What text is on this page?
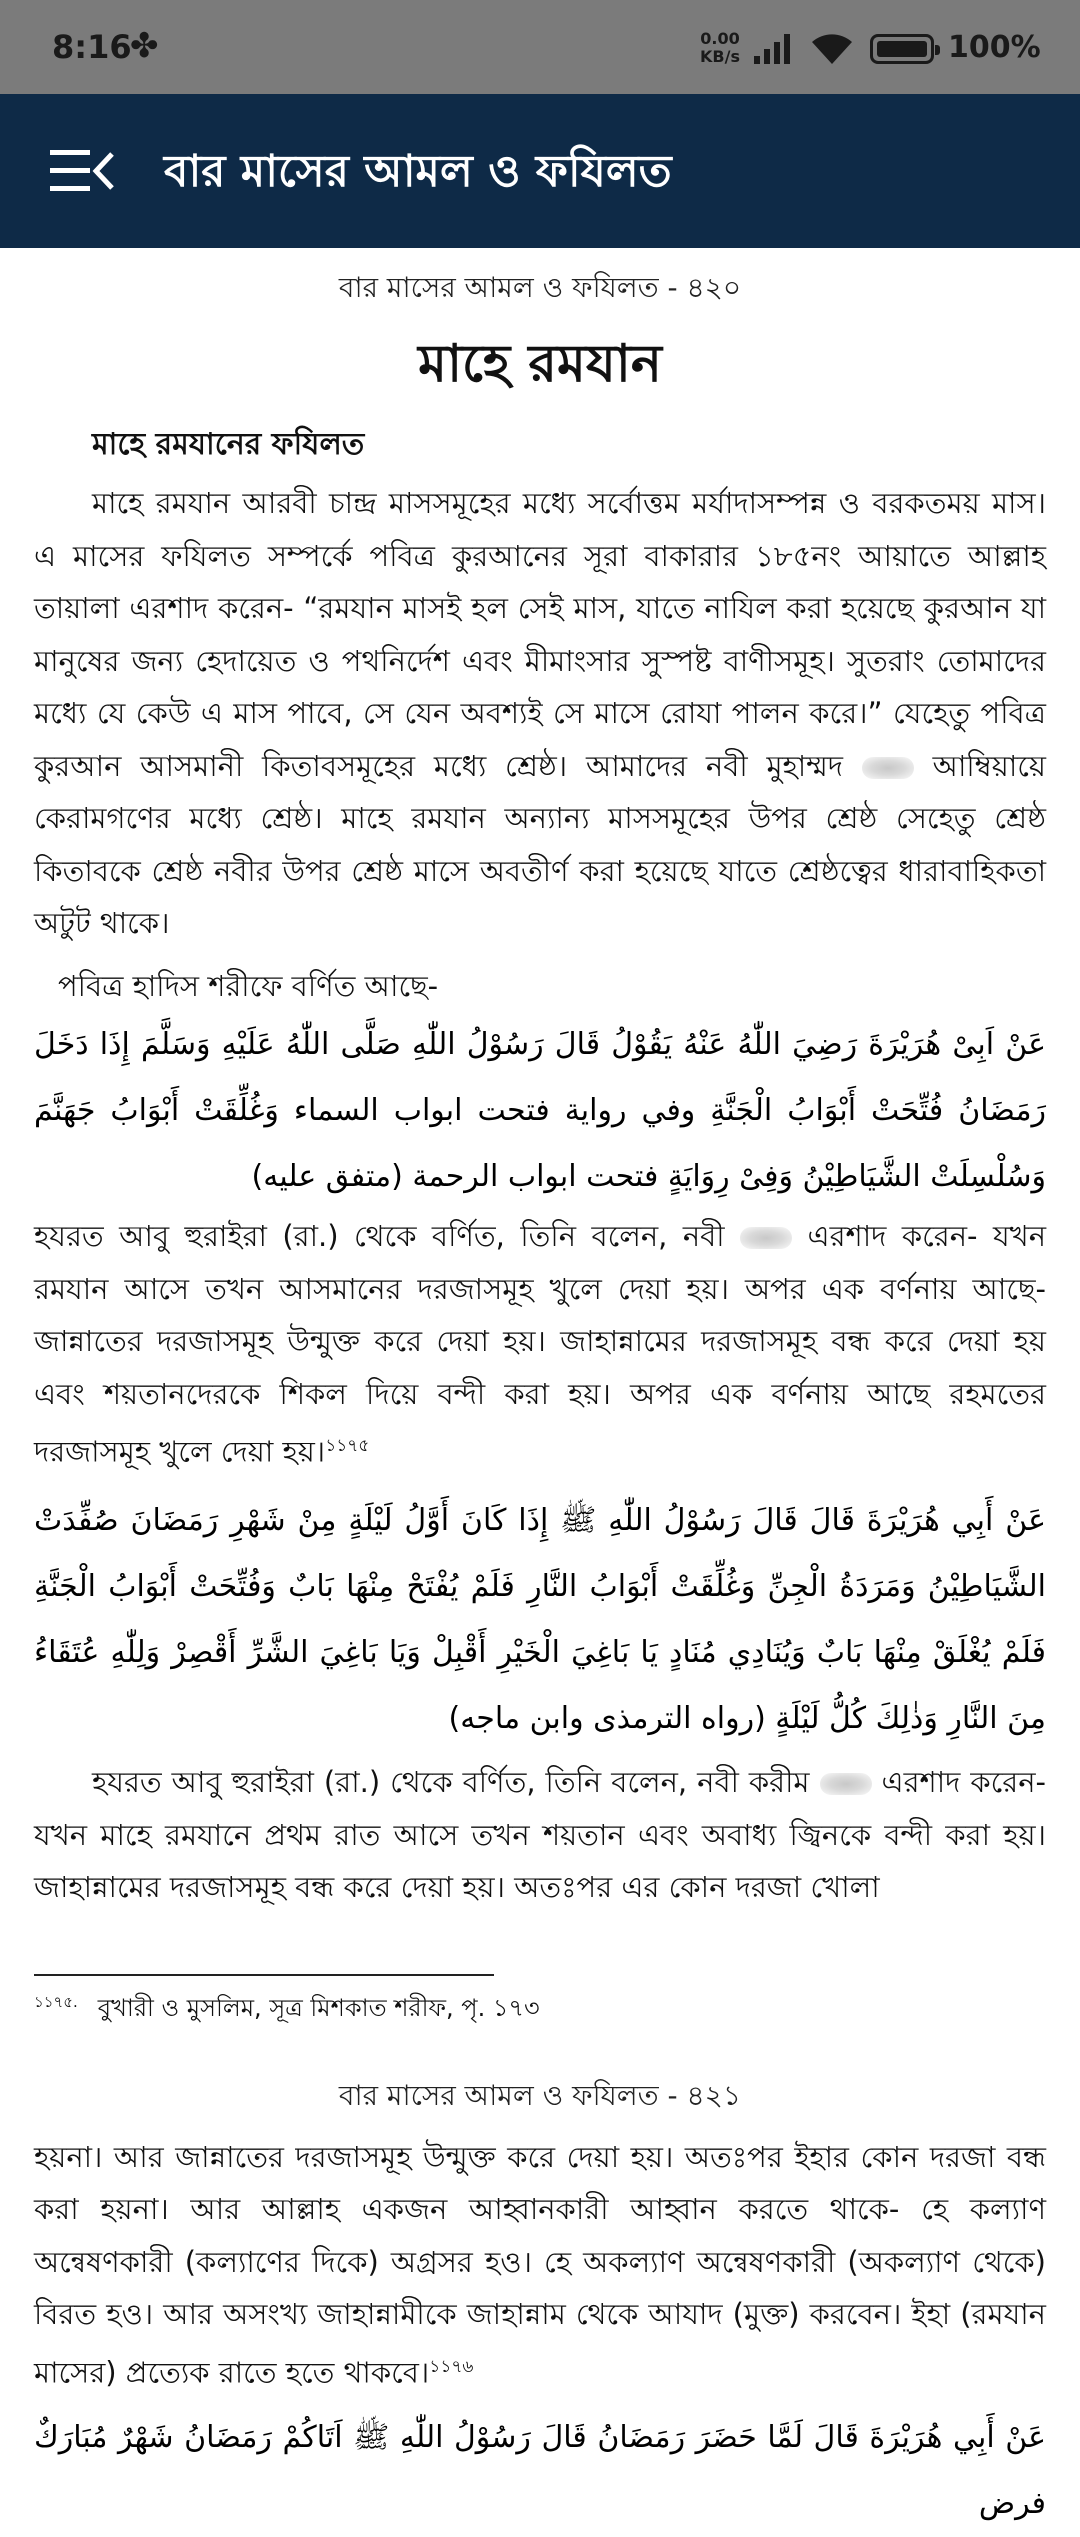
8:16
✤	0.00
KB/s	100%
বার মাসের আমল ও ফযিলত
বার মাসের আমল ও ফযিলত - ৪২০
মাহে রমযান
মাহে রমযানের ফযিলত

মাহে রমযান আরবী চান্দ্র মাসসমূহের মধ্যে সর্বোত্তম মর্যাদাসম্পন্ন ও বরকতময় মাস। এ মাসের ফযিলত সম্পর্কে পবিত্র কুরআনের সূরা বাকারার ১৮৫নং আয়াতে আল্লাহ তায়ালা এরশাদ করেন- “রমযান মাসই হল সেই মাস, যাতে নাযিল করা হয়েছে কুরআন যা মানুষের জন্য হেদায়েত ও পথনির্দেশ এবং মীমাংসার সুস্পষ্ট বাণীসমূহ। সুতরাং তোমাদের মধ্যে যে কেউ এ মাস পাবে, সে যেন অবশ্যই সে মাসে রোযা পালন করে।” যেহেতু পবিত্র কুরআন আসমানী কিতাবসমূহের মধ্যে শ্রেষ্ঠ। আমাদের নবী মুহাম্মদ	আম্বিয়ায়ে কেরামগণের মধ্যে শ্রেষ্ঠ। মাহে রমযান অন্যান্য মাসসমূহের উপর শ্রেষ্ঠ সেহেতু শ্রেষ্ঠ কিতাবকে শ্রেষ্ঠ নবীর উপর শ্রেষ্ঠ মাসে অবতীর্ণ করা হয়েছে যাতে শ্রেষ্ঠত্বের ধারাবাহিকতা অটুট থাকে।

পবিত্র হাদিস শরীফে বর্ণিত আছে-

عَنْ اَبِىْ هُرَيْرَةَ رَضِيَ اللّٰهُ عَنْهُ يَقُوْلُ قَالَ رَسُوْلُ اللّٰهِ صَلَّى اللّٰهُ عَلَيْهِ وَسَلَّمَ إِذَا دَخَلَ رَمَضَانُ فُتِّحَتْ أَبْوَابُ الْجَنَّةِ وفي رواية فتحت ابواب السماء وَغُلِّقَتْ أَبْوَابُ جَهَنَّمَ وَسُلْسِلَتْ الشَّيَاطِيْنُ وَفِىْ رِوَايَةٍ فتحت ابواب الرحمة (متفق عليه)

হযরত আবু হুরাইরা (রা.) থেকে বর্ণিত, তিনি বলেন, নবী	এরশাদ করেন- যখন রমযান আসে তখন আসমানের দরজাসমূহ খুলে দেয়া হয়। অপর এক বর্ণনায় আছে- জান্নাতের দরজাসমূহ উন্মুক্ত করে দেয়া হয়। জাহান্নামের দরজাসমূহ বন্ধ করে দেয়া হয় এবং শয়তানদেরকে শিকল দিয়ে বন্দী করা হয়। অপর এক বর্ণনায় আছে রহমতের দরজাসমূহ খুলে দেয়া হয়।$^{১১৭৫}$

عَنْ أَبِي هُرَيْرَةَ قَالَ قَالَ رَسُوْلُ اللّٰهِ ﷺ إِذَا كَانَ أَوَّلُ لَيْلَةٍ مِنْ شَهْرِ رَمَضَانَ صُفِّدَتْ الشَّيَاطِيْنُ وَمَرَدَةُ الْجِنِّ وَغُلِّقَتْ أَبْوَابُ النَّارِ فَلَمْ يُفْتَحْ مِنْهَا بَابٌ وَفُتِّحَتْ أَبْوَابُ الْجَنَّةِ فَلَمْ يُغْلَقْ مِنْهَا بَابٌ وَيُنَادِي مُنَادٍ يَا بَاغِيَ الْخَيْرِ أَقْبِلْ وَيَا بَاغِيَ الشَّرِّ أَقْصِرْ وَلِلّٰهِ عُتَقَاءُ مِنَ النَّارِ وَذٰلِكَ كُلُّ لَيْلَةٍ (رواه الترمذى وابن ماجه)

হযরত আবু হুরাইরা (রা.) থেকে বর্ণিত, তিনি বলেন, নবী করীম এরশাদ করেন- যখন মাহে রমযানে প্রথম রাত আসে তখন শয়তান এবং অবাধ্য জ্বিনকে বন্দী করা হয়। জাহান্নামের দরজাসমূহ বন্ধ করে দেয়া হয়। অতঃপর এর কোন দরজা খোলা

$^{১১৭৫.}$ বুখারী ও মুসলিম, সূত্র মিশকাত শরীফ, পৃ. ১৭৩
বার মাসের আমল ও ফযিলত - ৪২১

হয়না। আর জান্নাতের দরজাসমূহ উন্মুক্ত করে দেয়া হয়। অতঃপর ইহার কোন দরজা বন্ধ করা হয়না। আর আল্লাহ একজন আহ্বানকারী আহ্বান করতে থাকে- হে কল্যাণ অন্বেষণকারী (কল্যাণের দিকে) অগ্রসর হও। হে অকল্যাণ অন্বেষণকারী (অকল্যাণ থেকে) বিরত হও। আর অসংখ্য জাহান্নামীকে জাহান্নাম থেকে আযাদ (মুক্ত) করবেন। ইহা (রমযান মাসের) প্রত্যেক রাতে হতে থাকবে।$^{১১৭৬}$

عَنْ أَبِي هُرَيْرَةَ قَالَ لَمَّا حَضَرَ رَمَضَانُ قَالَ رَسُوْلُ اللّٰهِ ﷺ اَتَاكُمْ رَمَضَانُ شَهْرٌ مُبَارَكٌ فرض
